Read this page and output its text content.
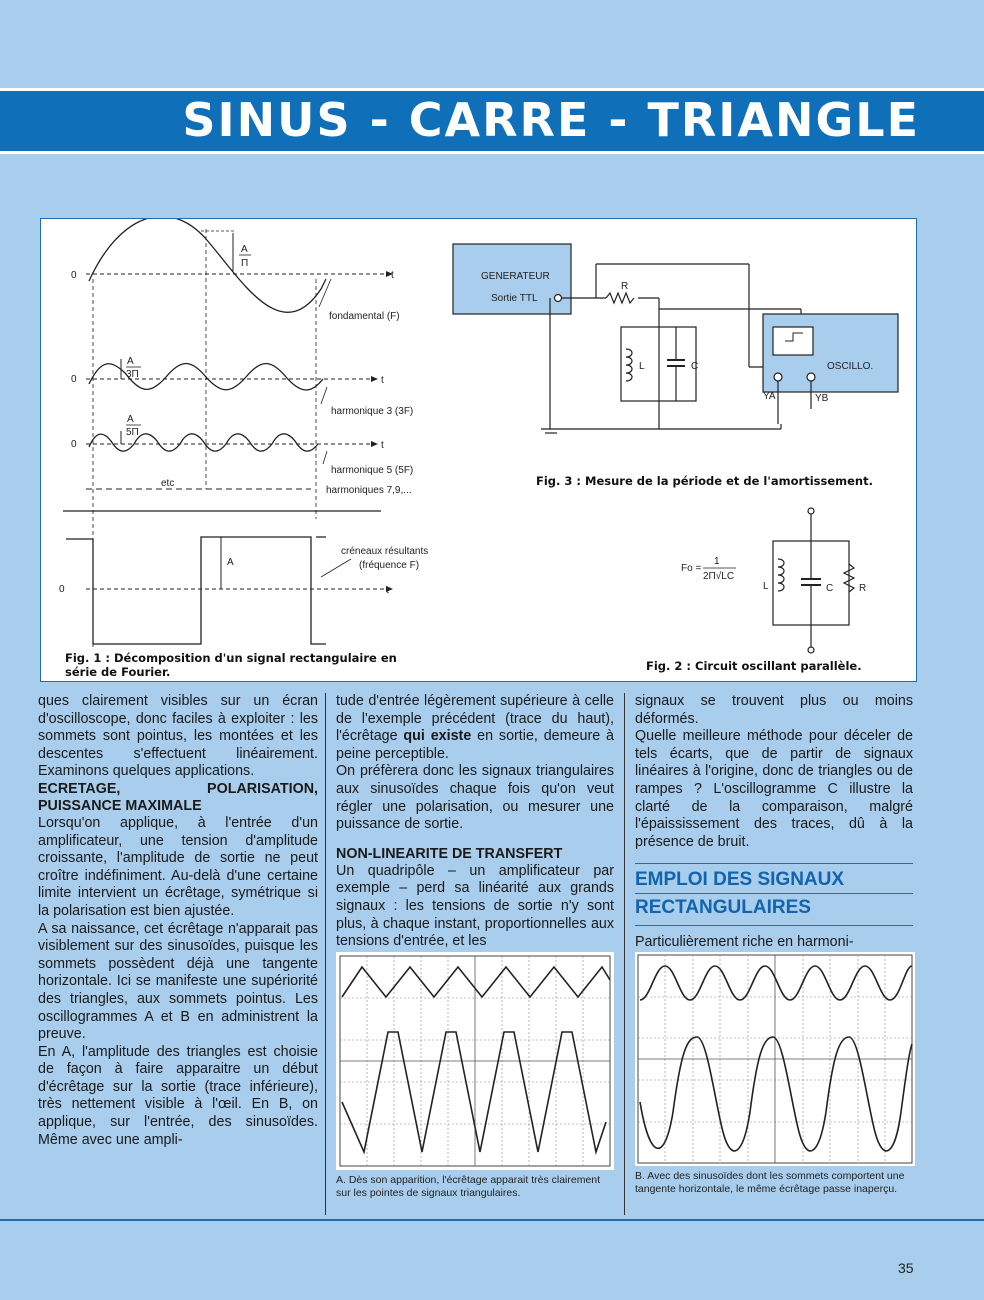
SINUS - CARRE - TRIANGLE
0
A
Π
t
fondamental (F)
0
A
3Π
t
harmonique 3 (3F)
0
A
5Π
t
harmonique 5 (5F)
etc
harmoniques 7,9,...
A
créneaux résultants
(fréquence F)
0	t
GENERATEUR
Sortie TTL
R
L	C	OSCILLO.
YA	YB
Fo =
1
2Π√LC
L	C	R
Fig. 1 : Décomposition d'un signal rectangulaire en série de Fourier.
Fig. 3 : Mesure de la période et de l'amortissement.
Fig. 2 : Circuit oscillant parallèle.

ques clairement visibles sur un écran d'oscilloscope, donc faciles à exploiter : les sommets sont pointus, les montées et les descentes s'effectuent linéairement. Examinons quelques applications.

ECRETAGE, POLARISATION, PUISSANCE MAXIMALE

Lorsqu'on applique, à l'entrée d'un amplificateur, une tension d'amplitude croissante, l'amplitude de sortie ne peut croître indéfiniment. Au-delà d'une certaine limite intervient un écrêtage, symétrique si la polarisation est bien ajustée.

A sa naissance, cet écrêtage n'apparait pas visiblement sur des sinusoïdes, puisque les sommets possèdent déjà une tangente horizontale. Ici se manifeste une supériorité des triangles, aux sommets pointus. Les oscillogrammes A et B en administrent la preuve.

En A, l'amplitude des triangles est choisie de façon à faire apparaitre un début d'écrêtage sur la sortie (trace inférieure), très nettement visible à l'œil. En B, on applique, sur l'entrée, des sinusoïdes. Même avec une ampli-

tude d'entrée légèrement supérieure à celle de l'exemple précédent (trace du haut), l'écrêtage qui existe en sortie, demeure à peine perceptible.

On préfèrera donc les signaux triangulaires aux sinusoïdes chaque fois qu'on veut régler une polarisation, ou mesurer une puissance de sortie.

NON-LINEARITE DE TRANSFERT

Un quadripôle – un amplificateur par exemple – perd sa linéarité aux grands signaux : les tensions de sortie n'y sont plus, à chaque instant, proportionnelles aux tensions d'entrée, et les

signaux se trouvent plus ou moins déformés.

Quelle meilleure méthode pour déceler de tels écarts, que de partir de signaux linéaires à l'origine, donc de triangles ou de rampes ? L'oscillogramme C illustre la clarté de la comparaison, malgré l'épaississement des traces, dû à la présence de bruit.

EMPLOI DES SIGNAUX
RECTANGULAIRES

Particulièrement riche en harmoni-

A. Dès son apparition, l'écrêtage apparait très clairement sur les pointes de signaux triangulaires.
B. Avec des sinusoïdes dont les sommets comportent une tangente horizontale, le même écrêtage passe inaperçu.
35
